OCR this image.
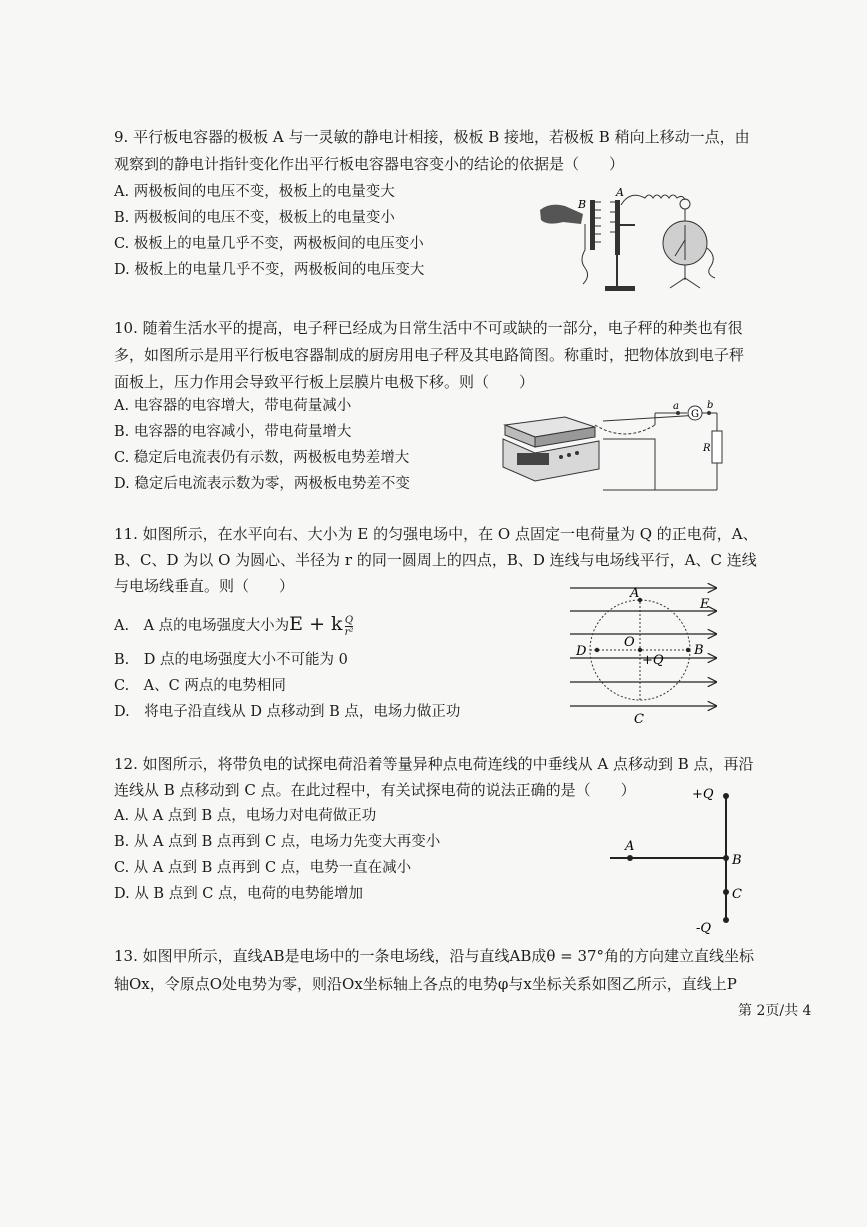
9. 平行板电容器的极板 A 与一灵敏的静电计相接，极板 B 接地，若极板 B 稍向上移动一点，由
观察到的静电计指针变化作出平行板电容器电容变小的结论的依据是（　　）
A. 两极板间的电压不变，极板上的电量变大
B. 两极板间的电压不变，极板上的电量变小
C. 极板上的电量几乎不变，两极板间的电压变小
D. 极板上的电量几乎不变，两极板间的电压变大
B
A
10. 随着生活水平的提高，电子秤已经成为日常生活中不可或缺的一部分，电子秤的种类也有很
多，如图所示是用平行板电容器制成的厨房用电子秤及其电路简图。称重时，把物体放到电子秤
面板上，压力作用会导致平行板上层膜片电极下移。则（　　）
A. 电容器的电容增大，带电荷量减小
B. 电容器的电容减小，带电荷量增大
C. 稳定后电流表仍有示数，两极板电势差增大
D. 稳定后电流表示数为零，两极板电势差不变
a
G
b
R
11. 如图所示，在水平向右、大小为 E 的匀强电场中，在 O 点固定一电荷量为 Q 的正电荷，A、
B、C、D 为以 O 为圆心、半径为 r 的同一圆周上的四点，B、D 连线与电场线平行，A、C 连线
与电场线垂直。则（　　）
A.　A 点的电场强度大小为E + k $\frac{Q}{\text{r²}}$
B.　D 点的电场强度大小不可能为 0
C.　A、C 两点的电势相同
D.　将电子沿直线从 D 点移动到 B 点，电场力做正功
A
E
O
D
+Q
B
C
12. 如图所示，将带负电的试探电荷沿着等量异种点电荷连线的中垂线从 A 点移动到 B 点，再沿
连线从 B 点移动到 C 点。在此过程中，有关试探电荷的说法正确的是（　　）
A. 从 A 点到 B 点，电场力对电荷做正功
B. 从 A 点到 B 点再到 C 点，电场力先变大再变小
C. 从 A 点到 B 点再到 C 点，电势一直在减小
D. 从 B 点到 C 点，电荷的电势能增加
+Q
A
B
C
-Q
13. 如图甲所示，直线AB是电场中的一条电场线，沿与直线AB成θ = 37°角的方向建立直线坐标
轴Ox，令原点O处电势为零，则沿Ox坐标轴上各点的电势φ与x坐标关系如图乙所示，直线上P
第 2页/共 4
